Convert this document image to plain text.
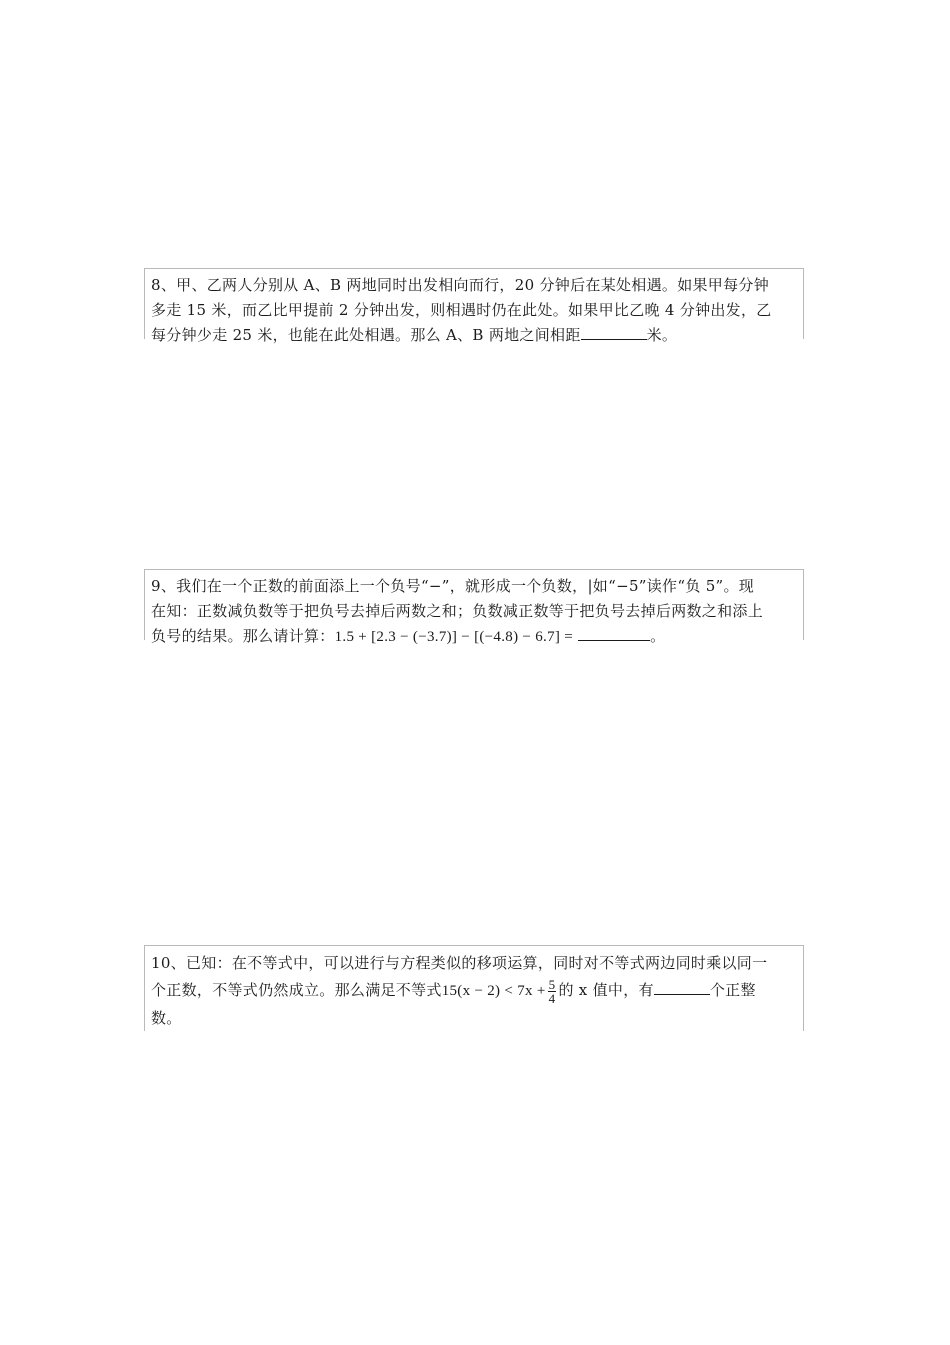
8、甲、乙两人分别从 A、B 两地同时出发相向而行，20 分钟后在某处相遇。如果甲每分钟
多走 15 米，而乙比甲提前 2 分钟出发，则相遇时仍在此处。如果甲比乙晚 4 分钟出发，乙
每分钟少走 25 米，也能在此处相遇。那么 A、B 两地之间相距	米。
9、我们在一个正数的前面添上一个负号“−”，就形成一个负数，|如“−5”读作“负 5”。现
在知：正数减负数等于把负号去掉后两数之和；负数减正数等于把负号去掉后两数之和添上
负号的结果。那么请计算：1.5 + [2.3 − (−3.7)] − [(−4.8) − 6.7] =	。
10、已知：在不等式中，可以进行与方程类似的移项运算，同时对不等式两边同时乘以同一
个正数，不等式仍然成立。那么满足不等式$15(x - 2) < 7x + \frac{5}{4}$ 的 x 值中，有	个正整
数。
